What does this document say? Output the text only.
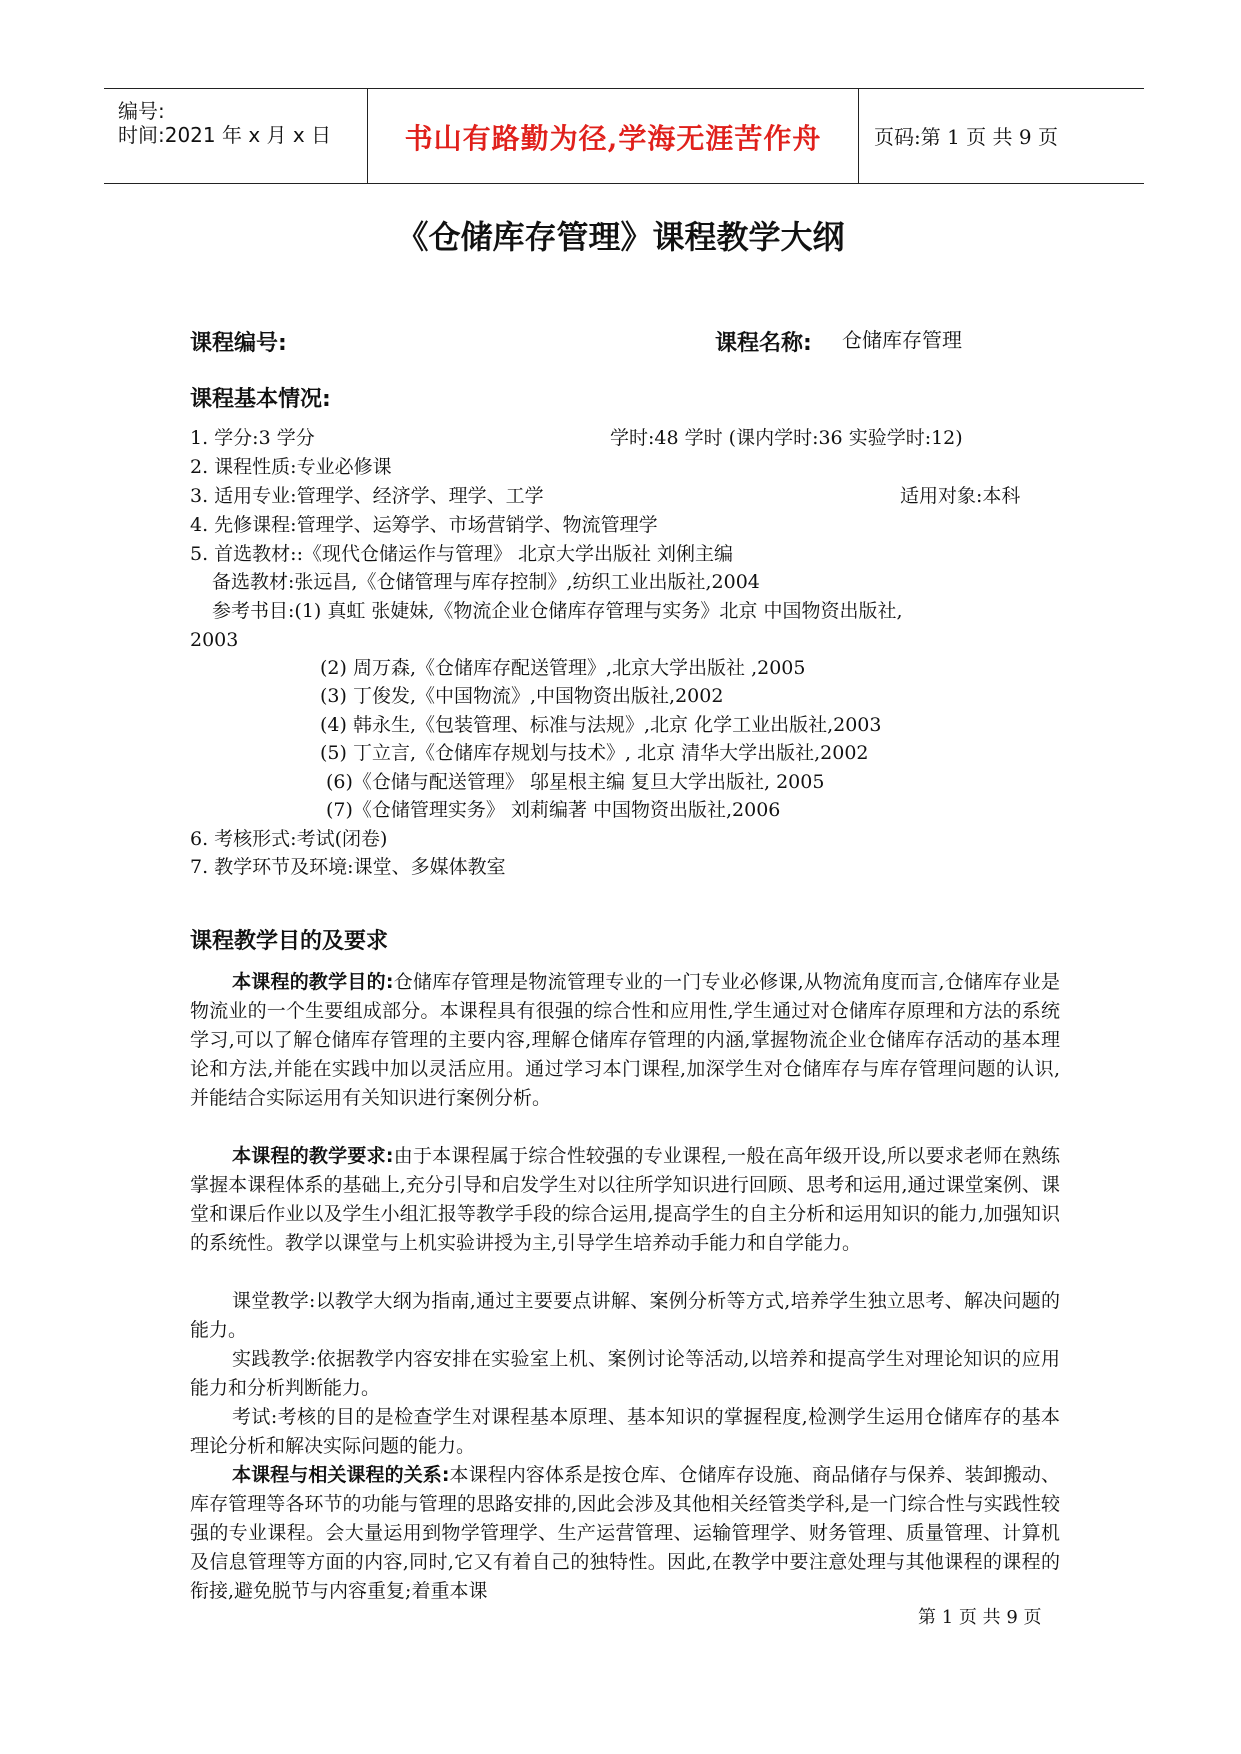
编号:
时间:2021 年 x 月 x 日	书山有路勤为径,学海无涯苦作舟	页码:第 1 页 共 9 页
《仓储库存管理》课程教学大纲
课程编号:	课程名称: 仓储库存管理
课程基本情况:
1. 学分:3 学分	学时:48 学时 (课内学时:36 实验学时:12)
2. 课程性质:专业必修课
3. 适用专业:管理学、经济学、理学、工学	适用对象:本科
4. 先修课程:管理学、运筹学、市场营销学、物流管理学
5. 首选教材::《现代仓储运作与管理》 北京大学出版社 刘俐主编
备选教材:张远昌,《仓储管理与库存控制》,纺织工业出版社,2004
参考书目:(1) 真虹 张婕妹,《物流企业仓储库存管理与实务》北京 中国物资出版社,
2003
(2) 周万森,《仓储库存配送管理》,北京大学出版社 ,2005
(3) 丁俊发,《中国物流》,中国物资出版社,2002
(4) 韩永生,《包装管理、标准与法规》,北京 化学工业出版社,2003
(5) 丁立言,《仓储库存规划与技术》, 北京 清华大学出版社,2002
(6)《仓储与配送管理》 邬星根主编 复旦大学出版社, 2005
(7)《仓储管理实务》 刘莉编著 中国物资出版社,2006
6. 考核形式:考试(闭卷)
7. 教学环节及环境:课堂、多媒体教室
课程教学目的及要求
本课程的教学目的:仓储库存管理是物流管理专业的一门专业必修课,从物流角度而言,仓储库存业是物流业的一个生要组成部分。本课程具有很强的综合性和应用性,学生通过对仓储库存原理和方法的系统学习,可以了解仓储库存管理的主要内容,理解仓储库存管理的内涵,掌握物流企业仓储库存活动的基本理论和方法,并能在实践中加以灵活应用。通过学习本门课程,加深学生对仓储库存与库存管理问题的认识,并能结合实际运用有关知识进行案例分析。
本课程的教学要求:由于本课程属于综合性较强的专业课程,一般在高年级开设,所以要求老师在熟练掌握本课程体系的基础上,充分引导和启发学生对以往所学知识进行回顾、思考和运用,通过课堂案例、课堂和课后作业以及学生小组汇报等教学手段的综合运用,提高学生的自主分析和运用知识的能力,加强知识的系统性。教学以课堂与上机实验讲授为主,引导学生培养动手能力和自学能力。
课堂教学:以教学大纲为指南,通过主要要点讲解、案例分析等方式,培养学生独立思考、解决问题的能力。
实践教学:依据教学内容安排在实验室上机、案例讨论等活动,以培养和提高学生对理论知识的应用能力和分析判断能力。
考试:考核的目的是检查学生对课程基本原理、基本知识的掌握程度,检测学生运用仓储库存的基本理论分析和解决实际问题的能力。
本课程与相关课程的关系:本课程内容体系是按仓库、仓储库存设施、商品储存与保养、装卸搬动、库存管理等各环节的功能与管理的思路安排的,因此会涉及其他相关经管类学科,是一门综合性与实践性较强的专业课程。会大量运用到物学管理学、生产运营管理、运输管理学、财务管理、质量管理、计算机及信息管理等方面的内容,同时,它又有着自己的独特性。因此,在教学中要注意处理与其他课程的课程的衔接,避免脱节与内容重复;着重本课
第 1 页 共 9 页
